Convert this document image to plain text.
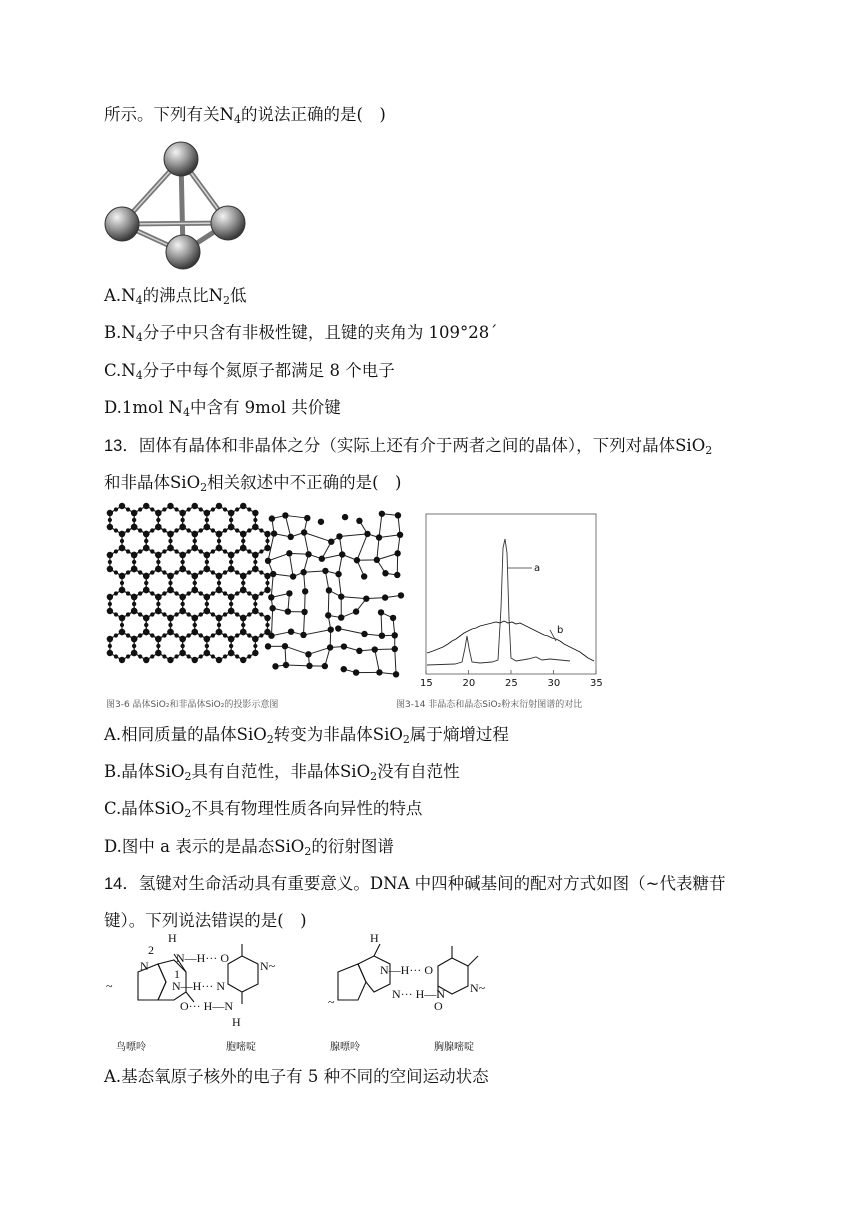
所示。下列有关$N_4$的说法正确的是(　)
$A.N_4$的沸点比$N_2$低
$B.N_4$分子中只含有非极性键，且键的夹角为 109°28´
$C.N_4$分子中每个氮原子都满足 8 个电子
D.1mol $N_4$中含有 9mol 共价键
13．固体有晶体和非晶体之分（实际上还有介于两者之间的晶体），下列对晶体SiO$_2$
和非晶体SiO$_2$相关叙述中不正确的是(　)
a
b
15	20	25	30	35
图3-6 晶体SiO₂和非晶体SiO₂的投影示意图	图3-14 非晶态和晶态SiO₂粉末衍射图谱的对比
A.相同质量的晶体SiO$_2$转变为非晶体SiO$_2$属于熵增过程
B.晶体SiO$_2$具有自范性，非晶体SiO$_2$没有自范性
C.晶体SiO$_2$不具有物理性质各向异性的特点
D.图中 a 表示的是晶态SiO$_2$的衍射图谱
14．氢键对生命活动具有重要意义。DNA 中四种碱基间的配对方式如图（~代表糖苷
键）。下列说法错误的是(　)
~
2
N
H
N—H··· O
1
N—H··· N
O··· H—N
H
N~
~
H
N—H··· O
N··· H—N
O
N~
鸟嘌呤	胞嘧啶	腺嘌呤	胸腺嘧啶
A.基态氧原子核外的电子有 5 种不同的空间运动状态
